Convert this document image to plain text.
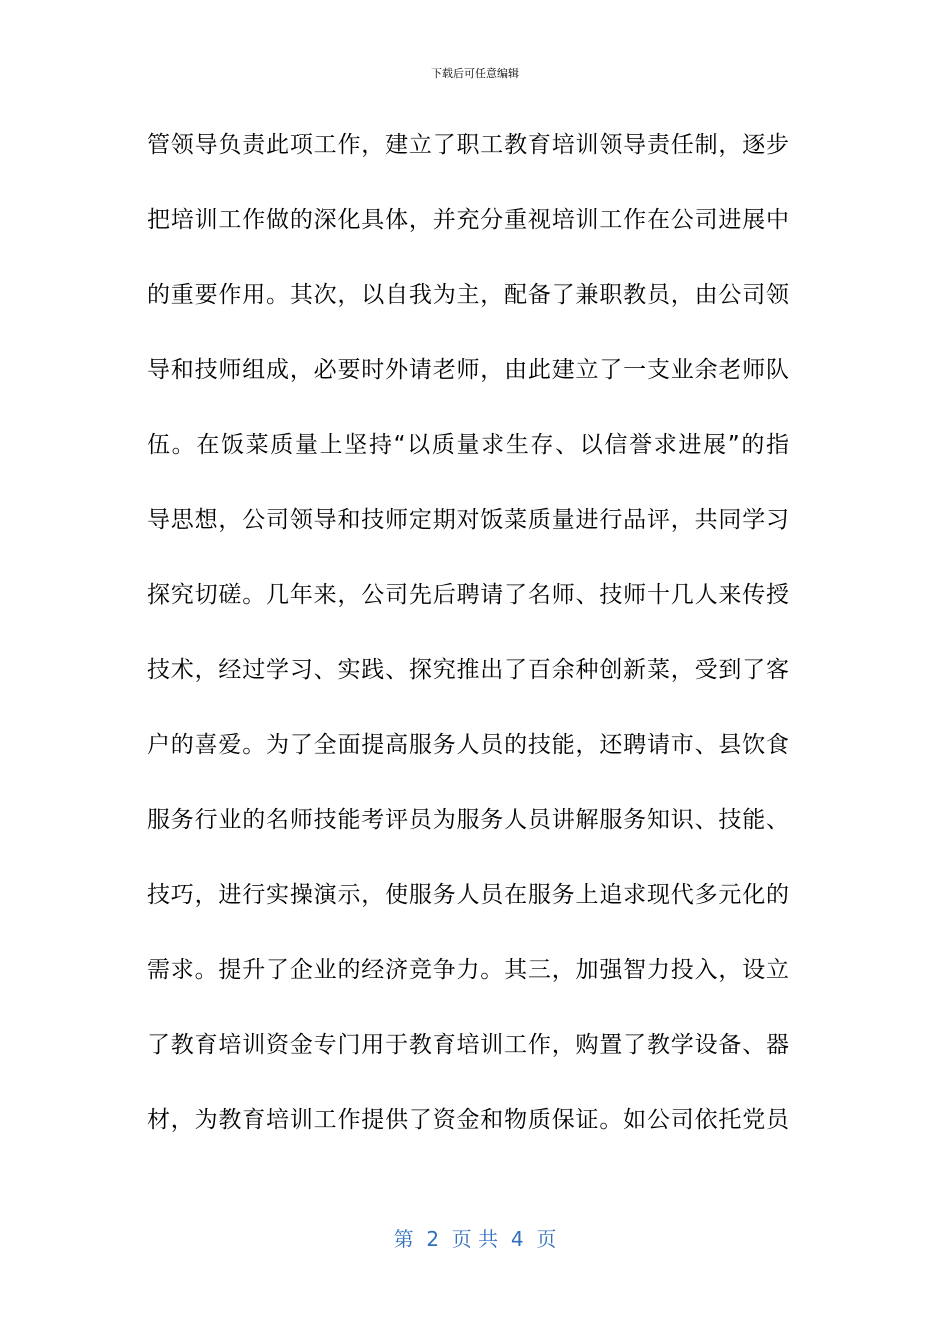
下载后可任意编辑
管领导负责此项工作，建立了职工教育培训领导责任制，逐步
把培训工作做的深化具体，并充分重视培训工作在公司进展中
的重要作用。其次，以自我为主，配备了兼职教员，由公司领
导和技师组成，必要时外请老师，由此建立了一支业余老师队
伍。在饭菜质量上坚持“以质量求生存、以信誉求进展”的指
导思想，公司领导和技师定期对饭菜质量进行品评，共同学习
探究切磋。几年来，公司先后聘请了名师、技师十几人来传授
技术，经过学习、实践、探究推出了百余种创新菜，受到了客
户的喜爱。为了全面提高服务人员的技能，还聘请市、县饮食
服务行业的名师技能考评员为服务人员讲解服务知识、技能、
技巧，进行实操演示，使服务人员在服务上追求现代多元化的
需求。提升了企业的经济竞争力。其三，加强智力投入，设立
了教育培训资金专门用于教育培训工作，购置了教学设备、器
材，为教育培训工作提供了资金和物质保证。如公司依托党员
第  2  页 共  4  页
